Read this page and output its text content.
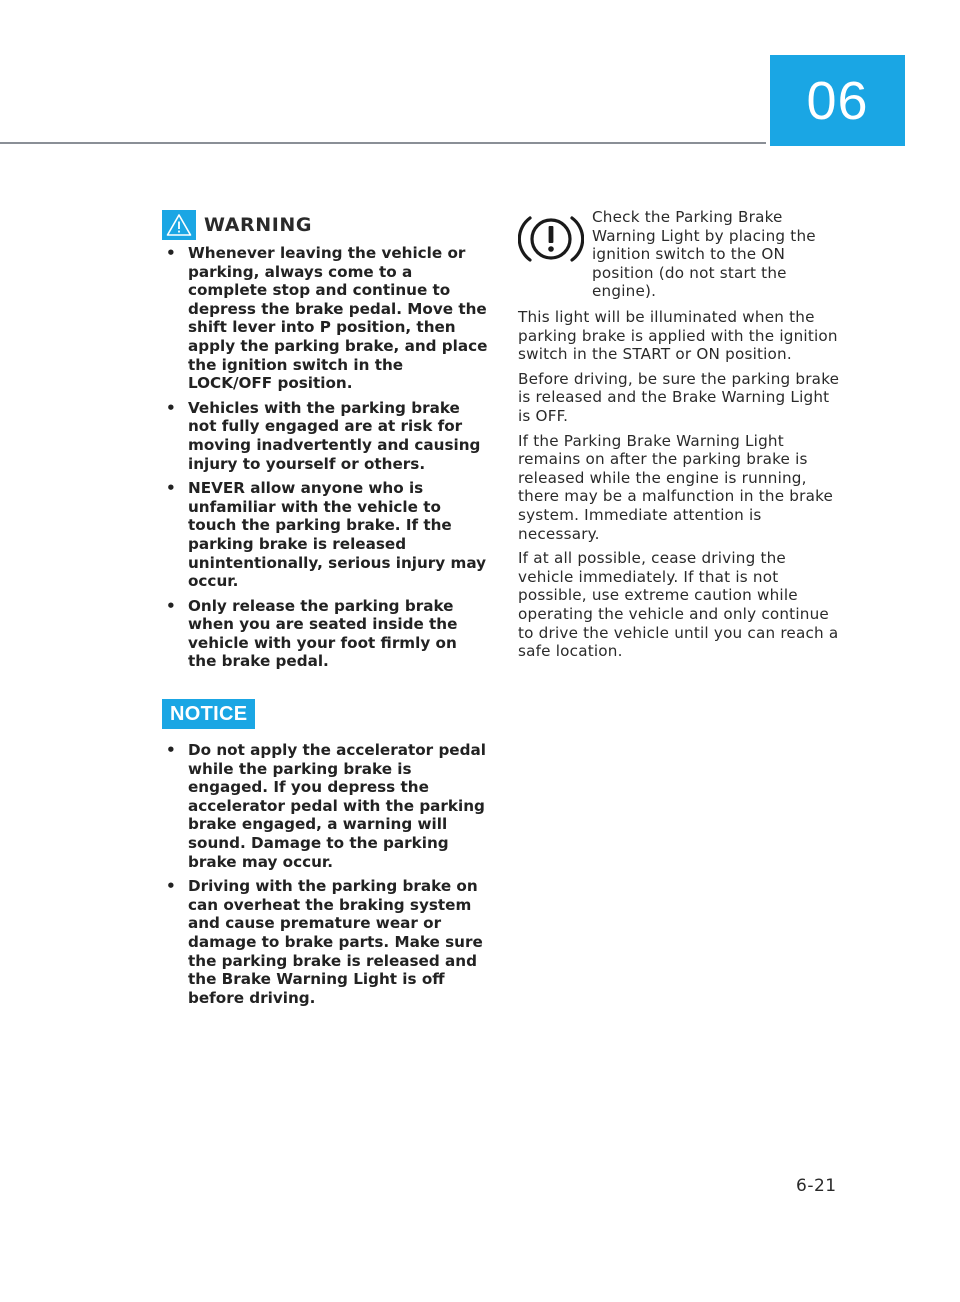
06
WARNING
• Whenever leaving the vehicle or parking, always come to a complete stop and continue to depress the brake pedal. Move the shift lever into P position, then apply the parking brake, and place the ignition switch in the LOCK/OFF position.
• Vehicles with the parking brake not fully engaged are at risk for moving inadvertently and causing injury to yourself or others.
• NEVER allow anyone who is unfamiliar with the vehicle to touch the parking brake. If the parking brake is released unintentionally, serious injury may occur.
• Only release the parking brake when you are seated inside the vehicle with your foot firmly on the brake pedal.
NOTICE
• Do not apply the accelerator pedal while the parking brake is engaged. If you depress the accelerator pedal with the parking brake engaged, a warning will sound. Damage to the parking brake may occur.
• Driving with the parking brake on can overheat the braking system and cause premature wear or damage to brake parts. Make sure the parking brake is released and the Brake Warning Light is off before driving.
Check the Parking Brake Warning Light by placing the ignition switch to the ON position (do not start the engine).

This light will be illuminated when the parking brake is applied with the ignition switch in the START or ON position.

Before driving, be sure the parking brake is released and the Brake Warning Light is OFF.

If the Parking Brake Warning Light remains on after the parking brake is released while the engine is running, there may be a malfunction in the brake system. Immediate attention is necessary.

If at all possible, cease driving the vehicle immediately. If that is not possible, use extreme caution while operating the vehicle and only continue to drive the vehicle until you can reach a safe location.

6-21
